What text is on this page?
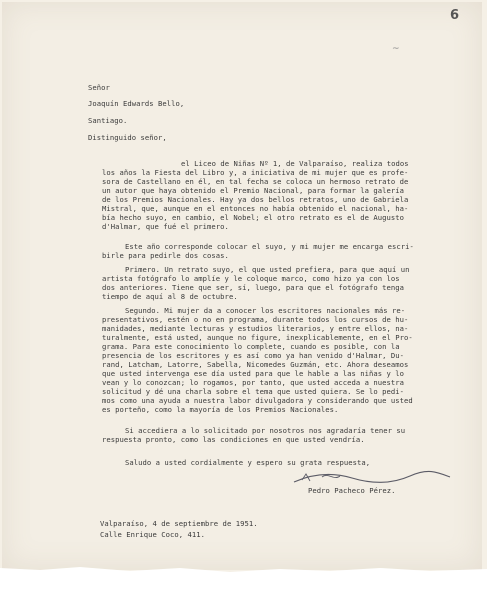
6
~
Señor
Joaquín Edwards Bello,
Santiago.
Distinguido señor,
el Liceo de Niñas Nº 1, de Valparaíso, realiza todos
los años la Fiesta del Libro y, a iniciativa de mi mujer que es profe-
sora de Castellano en él, en tal fecha se coloca un hermoso retrato de
un autor que haya obtenido el Premio Nacional, para formar la galería
de los Premios Nacionales. Hay ya dos bellos retratos, uno de Gabriela
Mistral, que, aunque en el entonces no había obtenido el nacional, ha-
bía hecho suyo, en cambio, el Nobel; el otro retrato es el de Augusto
d'Halmar, que fué el primero.
Este año corresponde colocar el suyo, y mi mujer me encarga escri-
birle para pedirle dos cosas.
Primero. Un retrato suyo, el que usted prefiera, para que aquí un
artista fotógrafo lo amplíe y le coloque marco, como hizo ya con los
dos anteriores. Tiene que ser, sí, luego, para que el fotógrafo tenga
tiempo de aquí al 8 de octubre.
Segundo. Mi mujer da a conocer los escritores nacionales más re-
presentativos, estén o no en programa, durante todos los cursos de hu-
manidades, mediante lecturas y estudios literarios, y entre ellos, na-
turalmente, está usted, aunque no figure, inexplicablemente, en el Pro-
grama. Para este conocimiento lo complete, cuando es posible, con la
presencia de los escritores y es así como ya han venido d'Halmar, Du-
rand, Latcham, Latorre, Sabella, Nicomedes Guzmán, etc. Ahora deseamos
que usted intervenga ese día usted para que le hable a las niñas y lo
vean y lo conozcan; lo rogamos, por tanto, que usted acceda a nuestra
solicitud y dé una charla sobre el tema que usted quiera. Se lo pedi-
mos como una ayuda a nuestra labor divulgadora y considerando que usted
es porteño, como la mayoría de los Premios Nacionales.
Si accediera a lo solicitado por nosotros nos agradaría tener su
respuesta pronto, como las condiciones en que usted vendría.
Saludo a usted cordialmente y espero su grata respuesta,
Pedro Pacheco Pérez.
Valparaíso, 4 de septiembre de 1951.
Calle Enrique Coco, 411.
